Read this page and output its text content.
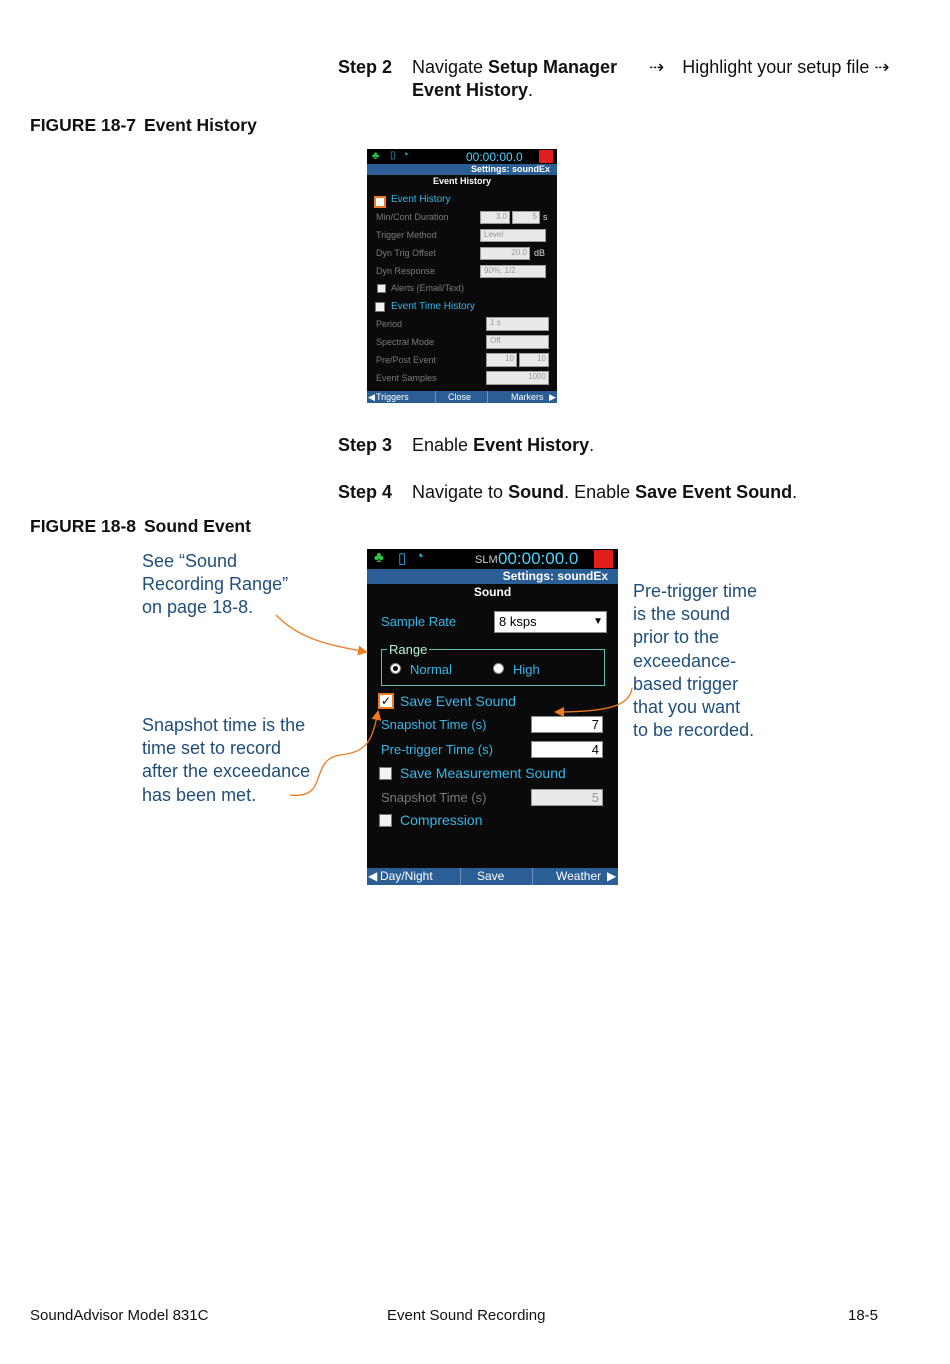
Step 2 Navigate Setup Manager ⇢ Highlight your setup file ⇢
Event History.
FIGURE 18-7 Event History
♣ ▯ ◔	00:00:00.0
Settings: soundEx
Event History
Event History
Min/Cont Duration	3.0	5 s
Trigger Method	Level
Dyn Trig Offset	20.0 dB
Dyn Response	90%, 1/2
Alerts (Email/Text)
Event Time History
Period	1 s
Spectral Mode	Off
Pre/Post Event	10	10
Event Samples	1000
◀ Triggers	Close	Markers ▶
Step 3 Enable Event History.
Step 4 Navigate to Sound. Enable Save Event Sound.
FIGURE 18-8 Sound Event
See “Sound
Recording Range”
on page 18-8.
Snapshot time is the
time set to record
after the exceedance
has been met.
Pre-trigger time
is the sound
prior to the
exceedance-
based trigger
that you want
to be recorded.
♣ ▯ ◔	SLM 00:00:00.0
Settings: soundEx
Sound
Sample Rate	8 ksps	▼
Range
Normal	High
✓ Save Event Sound
Snapshot Time (s)	7
Pre-trigger Time (s)	4
Save Measurement Sound
Snapshot Time (s)	5
Compression
◀ Day/Night	Save	Weather ▶
SoundAdvisor Model 831C	Event Sound Recording	18-5
